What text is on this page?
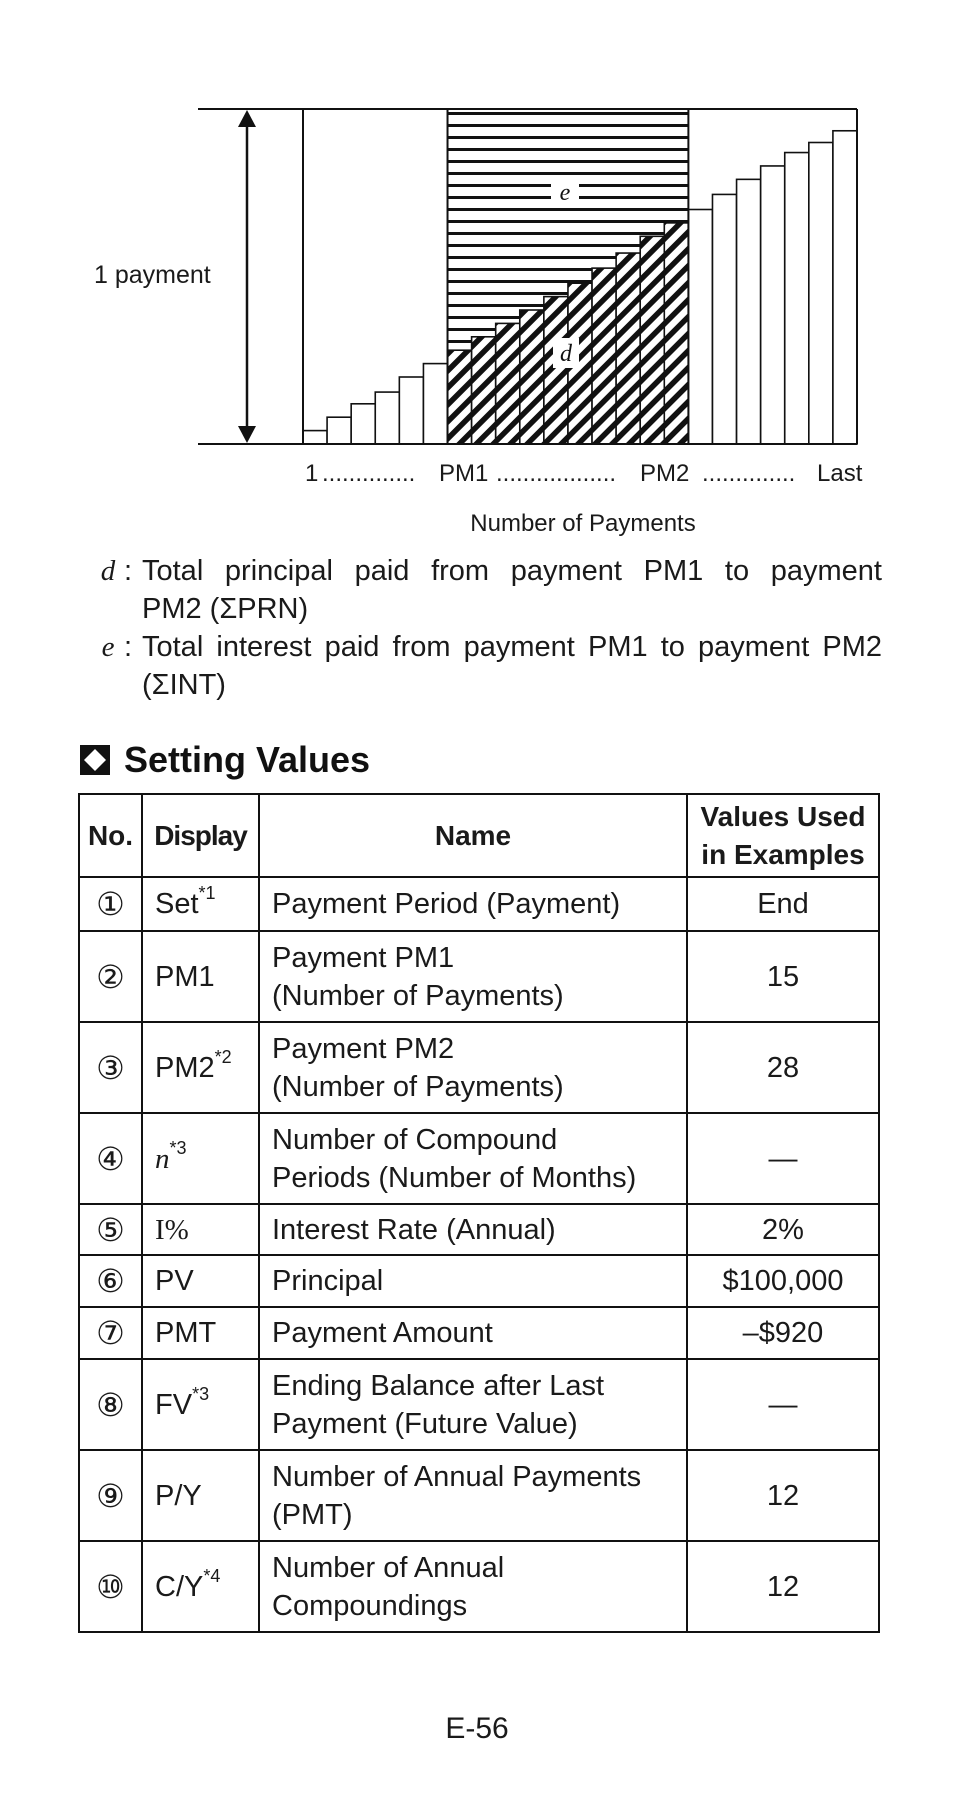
1 payment
e
d
1 .............. PM1 .................. PM2 .............. Last
Number of Payments
d : Total principal paid from payment PM1 to payment
PM2 (ΣPRN)
e : Total interest paid from payment PM1 to payment PM2
(ΣINT)
Setting Values
No.	Display	Name	Values Used
in Examples

①	Set$^{*1}$	Payment Period (Payment)	End
②	PM1	Payment PM1
(Number of Payments)	15
③	PM2$^{*2}$	Payment PM2
(Number of Payments)	28
④	n$^{*3}$	Number of Compound
Periods (Number of Months)	—
⑤	I%	Interest Rate (Annual)	2%
⑥	PV	Principal	$100,000
⑦	PMT	Payment Amount	–$920
⑧	FV$^{*3}$	Ending Balance after Last
Payment (Future Value)	—
⑨	P/Y	Number of Annual Payments
(PMT)	12
⑩	C/Y$^{*4}$	Number of Annual
Compoundings	12
E-56
